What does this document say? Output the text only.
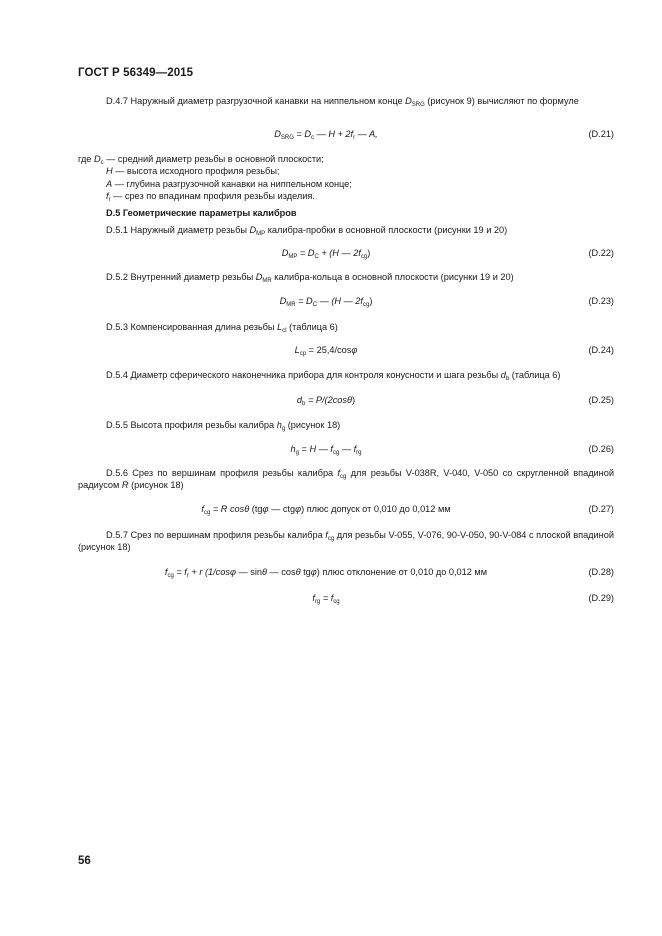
ГОСТ Р 56349—2015
D.4.7 Наружный диаметр разгрузочной канавки на ниппельном конце $D_{SRG}$ (рисунок 9) вычисляют по формуле
$D_{SRG} = D_c$ — $H + 2f_r$ — A,	(D.21)
где $D_c$ — средний диаметр резьбы в основной плоскости;
H — высота исходного профиля резьбы;
A — глубина разгрузочной канавки на ниппельном конце;
$f_r$ — срез по впадинам профиля резьбы изделия.
D.5 Геометрические параметры калибров
D.5.1 Наружный диаметр резьбы $D_{MP}$ калибра-пробки в основной плоскости (рисунки 19 и 20)
$D_{MP} = D_C + (H$ — $2f_{cg}$)	(D.22)
D.5.2 Внутренний диаметр резьбы $D_{MR}$ калибра-кольца в основной плоскости (рисунки 19 и 20)
$D_{MR} = D_C$ — (H — $2f_{cg}$)	(D.23)
D.5.3 Компенсированная длина резьбы $L_{cl}$ (таблица 6)
$L_{cp} = 25,4/\cos\varphi$	(D.24)
D.5.4 Диаметр сферического наконечника прибора для контроля конусности и шага резьбы $d_b$ (таблица 6)
$d_b = P/(2\cos\theta)$	(D.25)
D.5.5 Высота профиля резьбы калибра $h_g$ (рисунок 18)
$h_g = H$ — $f_{cg}$ — $f_{rg}$	(D.26)
D.5.6 Срез по вершинам профиля резьбы калибра $f_{cg}$ для резьбы V-038R, V-040, V-050 со скругленной впадиной радиусом R (рисунок 18)
$f_{cg} = R$ cosθ (tgφ — ctgφ) плюс допуск от 0,010 до 0,012 мм	(D.27)
D.5.7 Срез по вершинам профиля резьбы калибра $f_{cg}$ для резьбы V-055, V-076, 90-V-050, 90-V-084 с плоской впадиной (рисунок 18)
$f_{cg} = f_r + r$ (1/cosφ — sinθ — cosθ tgφ) плюс отклонение от 0,010 до 0,012 мм	(D.28)
$f_{rg} = f_{cg}$	(D.29)
56
